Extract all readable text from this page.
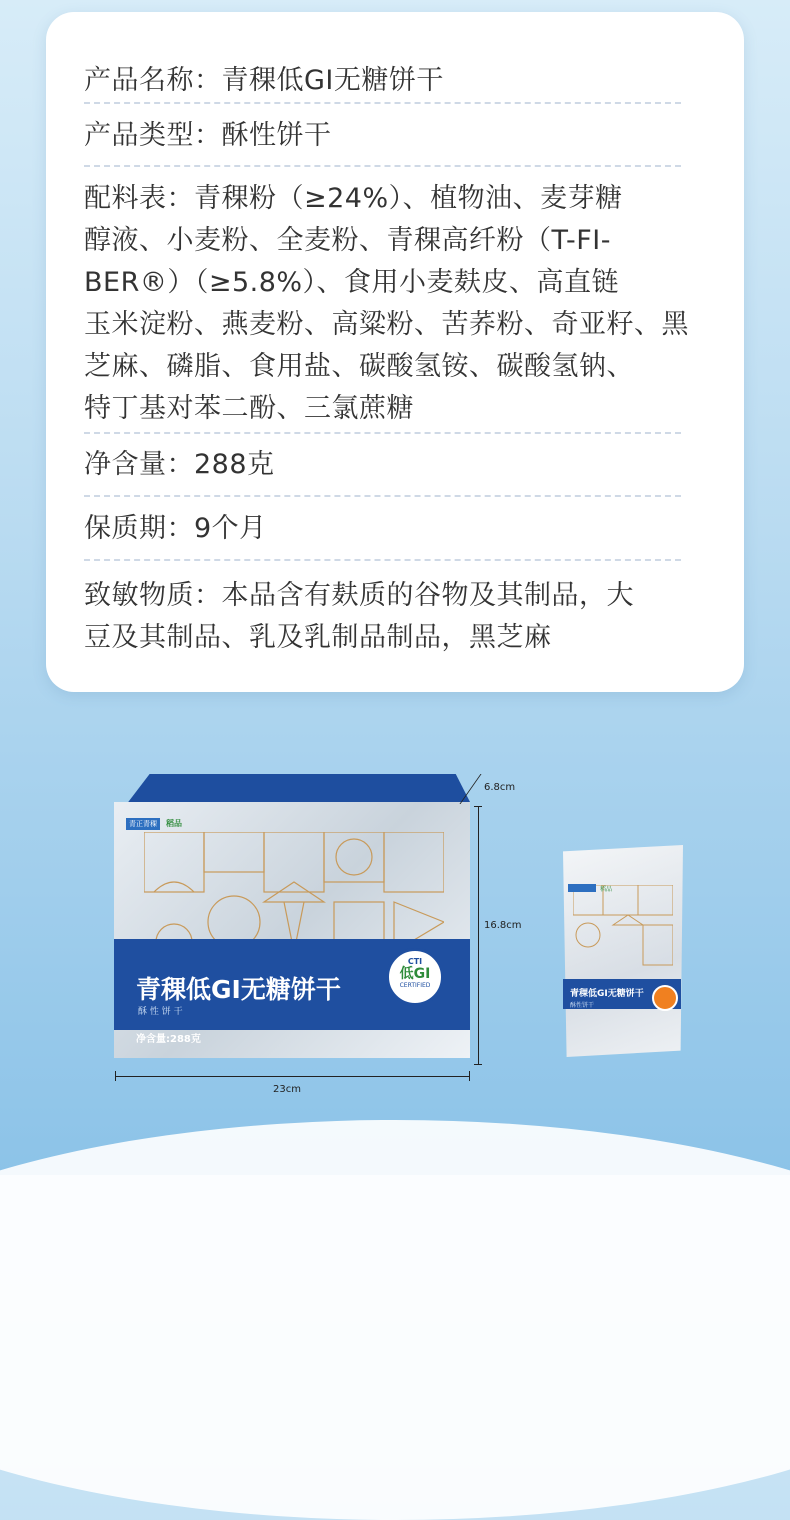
产品名称：青稞低GI无糖饼干
产品类型：酥性饼干
配料表：青稞粉（≥24%）、植物油、麦芽糖
醇液、小麦粉、全麦粉、青稞高纤粉（T-FI-
BER®）（≥5.8%）、食用小麦麸皮、高直链
玉米淀粉、燕麦粉、高粱粉、苦荞粉、奇亚籽、黑
芝麻、磷脂、食用盐、碳酸氢铵、碳酸氢钠、
特丁基对苯二酚、三氯蔗糖
净含量：288克
保质期：9个月
致敏物质：本品含有麸质的谷物及其制品，大
豆及其制品、乳及乳制品制品，黑芝麻
青正青稞	稻品
青稞低GI无糖饼干
酥 性 饼 干
净含量:288克
CTI
低GI
CERTIFIED
6.8cm
16.8cm
23cm
稻品
青稞低GI无糖饼干
酥性饼干
